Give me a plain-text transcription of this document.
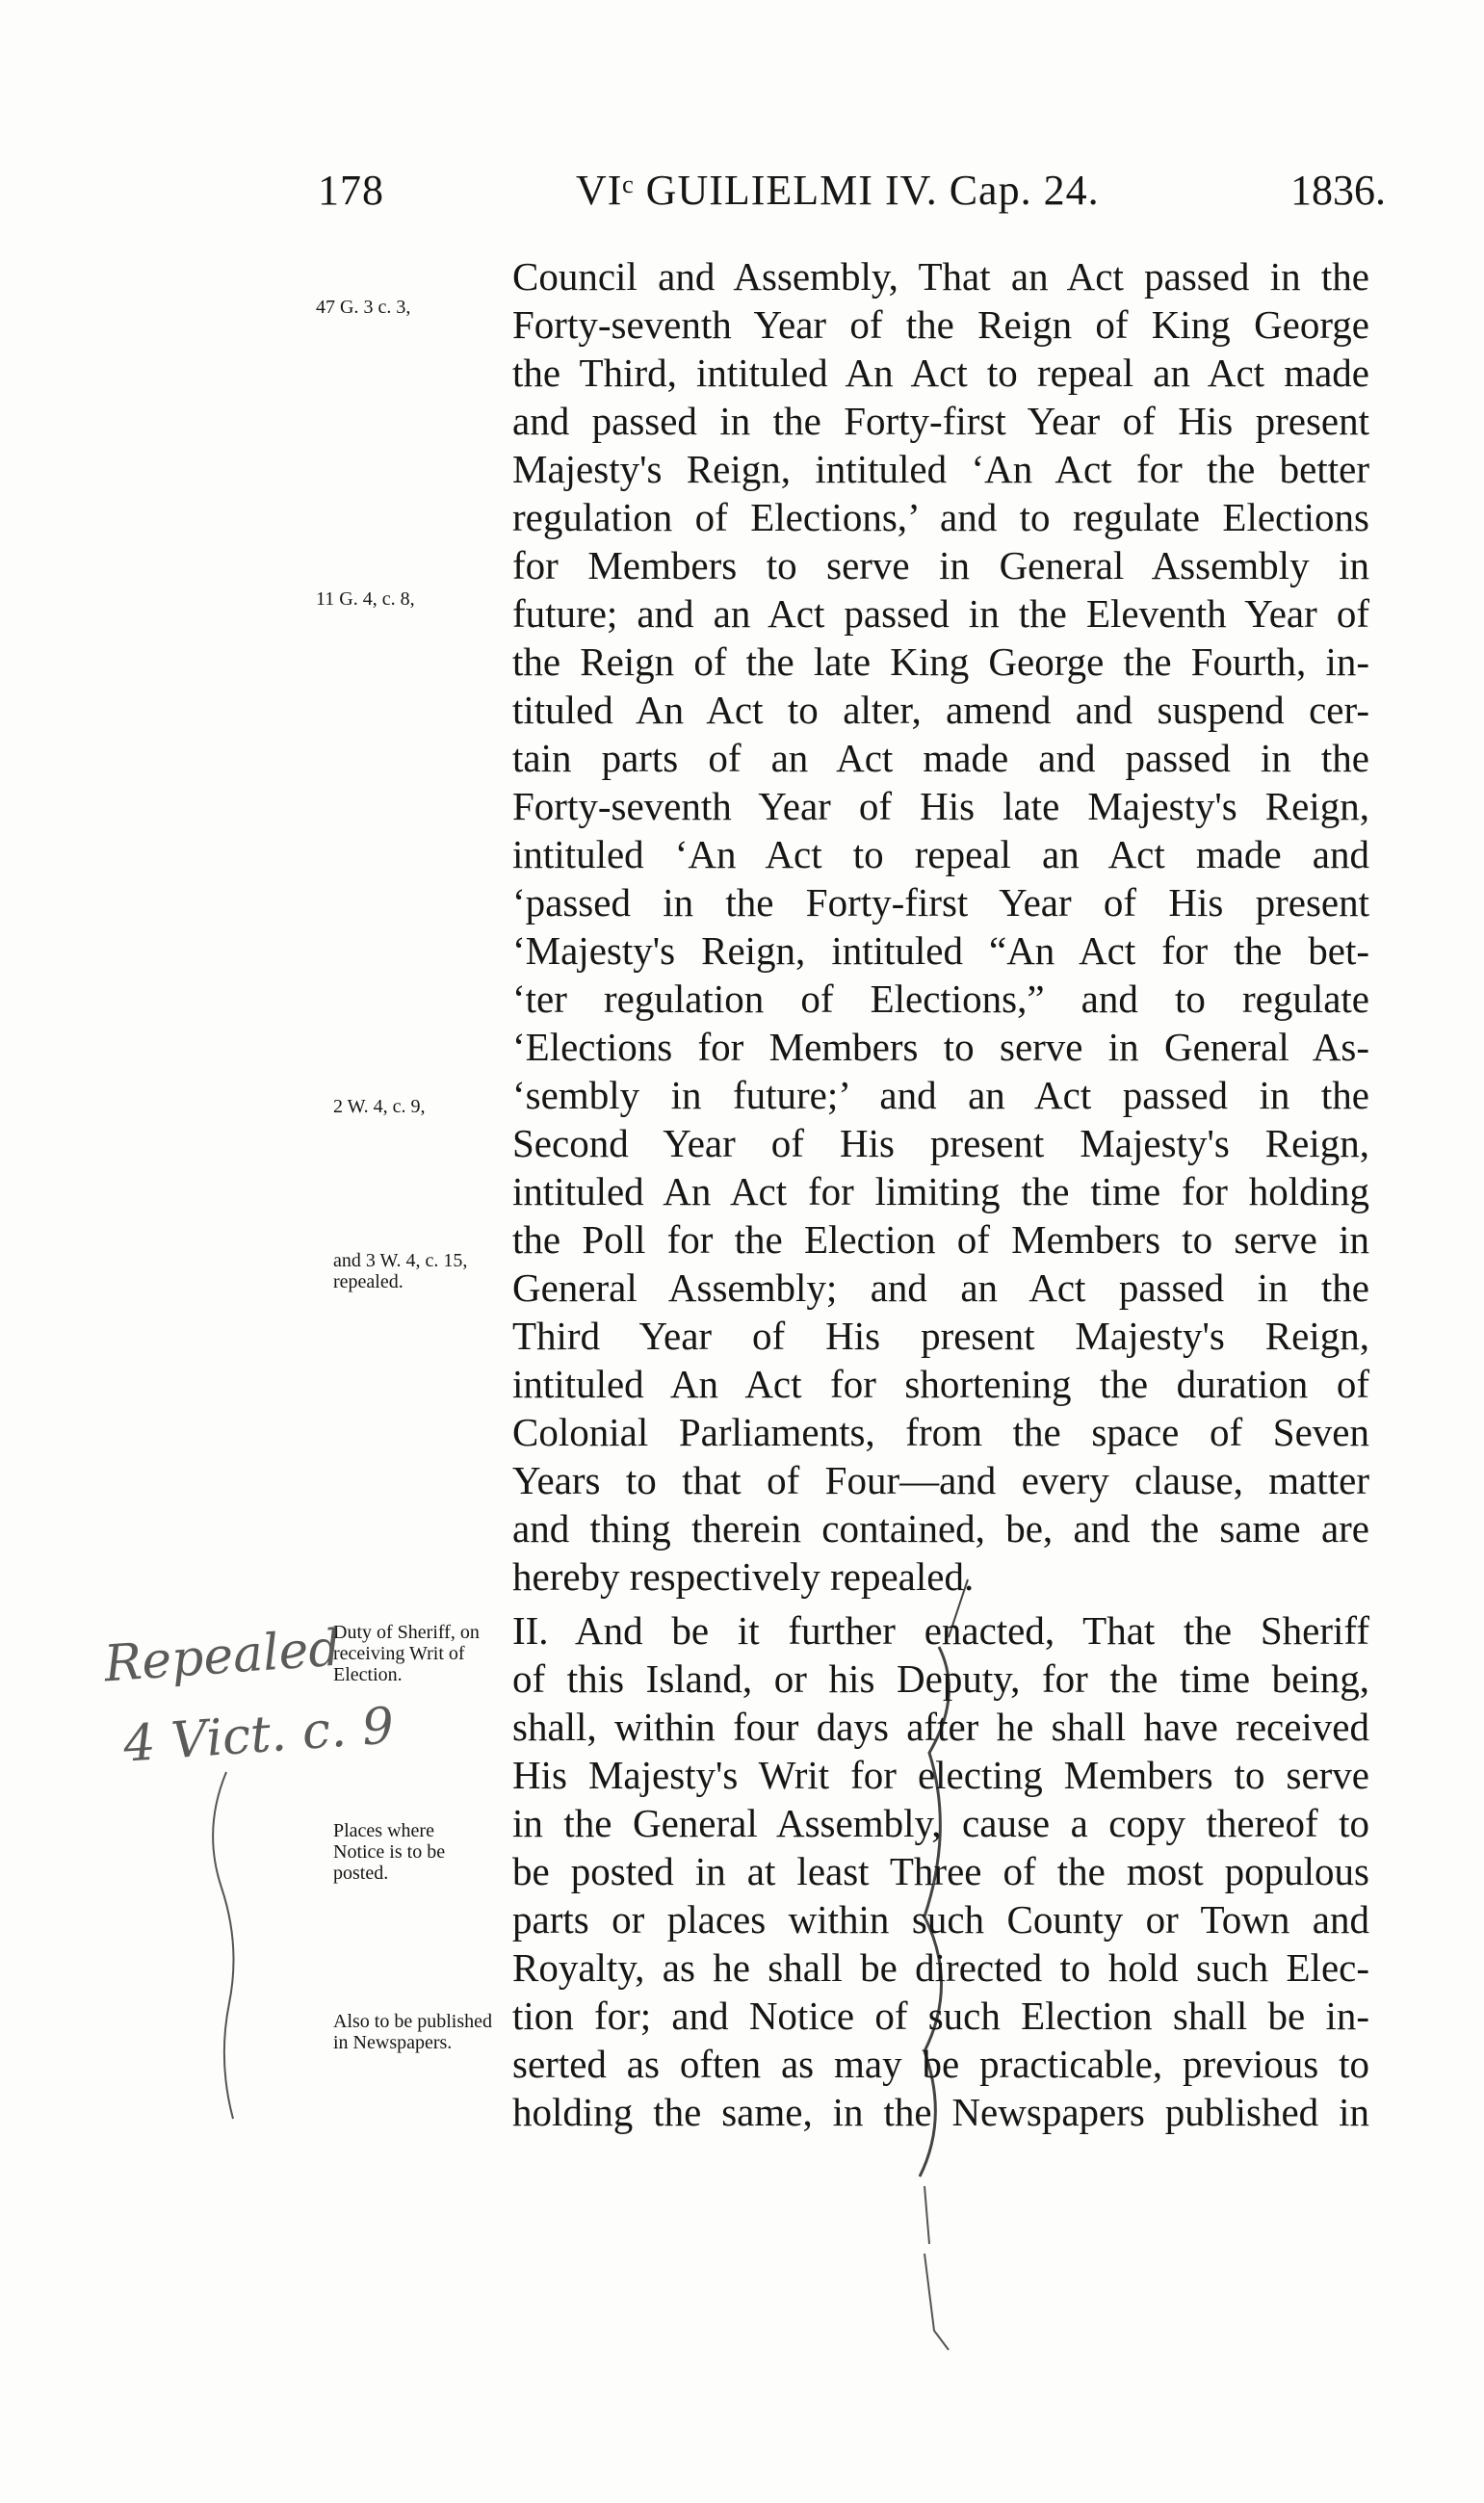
178	VIᶜ GUILIELMI IV. Cap. 24.	1836.
47 G. 3 c. 3,
11 G. 4, c. 8,
2 W. 4, c. 9,
and 3 W. 4, c. 15, repealed.
Duty of Sheriff, on receiving Writ of Election.
Places where Notice is to be posted.
Also to be published in Newspapers.
Repealed
4 Vict. c. 9
Council and Assembly, That an Act passed in the
Forty-seventh Year of the Reign of King George
the Third, intituled An Act to repeal an Act made
and passed in the Forty-first Year of His present
Majesty's Reign, intituled ‘An Act for the better
regulation of Elections,’ and to regulate Elections
for Members to serve in General Assembly in
future; and an Act passed in the Eleventh Year of
the Reign of the late King George the Fourth, in-
tituled An Act to alter, amend and suspend cer-
tain parts of an Act made and passed in the
Forty-seventh Year of His late Majesty's Reign,
intituled ‘An Act to repeal an Act made and
‘passed in the Forty-first Year of His present
‘Majesty's Reign, intituled “An Act for the bet-
‘ter regulation of Elections,” and to regulate
‘Elections for Members to serve in General As-
‘sembly in future;’ and an Act passed in the
Second Year of His present Majesty's Reign,
intituled An Act for limiting the time for holding
the Poll for the Election of Members to serve in
General Assembly; and an Act passed in the
Third Year of His present Majesty's Reign,
intituled An Act for shortening the duration of
Colonial Parliaments, from the space of Seven
Years to that of Four—and every clause, matter
and thing therein contained, be, and the same are
hereby respectively repealed.
II. And be it further enacted, That the Sheriff
of this Island, or his Deputy, for the time being,
shall, within four days after he shall have received
His Majesty's Writ for electing Members to serve
in the General Assembly, cause a copy thereof to
be posted in at least Three of the most populous
parts or places within such County or Town and
Royalty, as he shall be directed to hold such Elec-
tion for; and Notice of such Election shall be in-
serted as often as may be practicable, previous to
holding the same, in the Newspapers published in
